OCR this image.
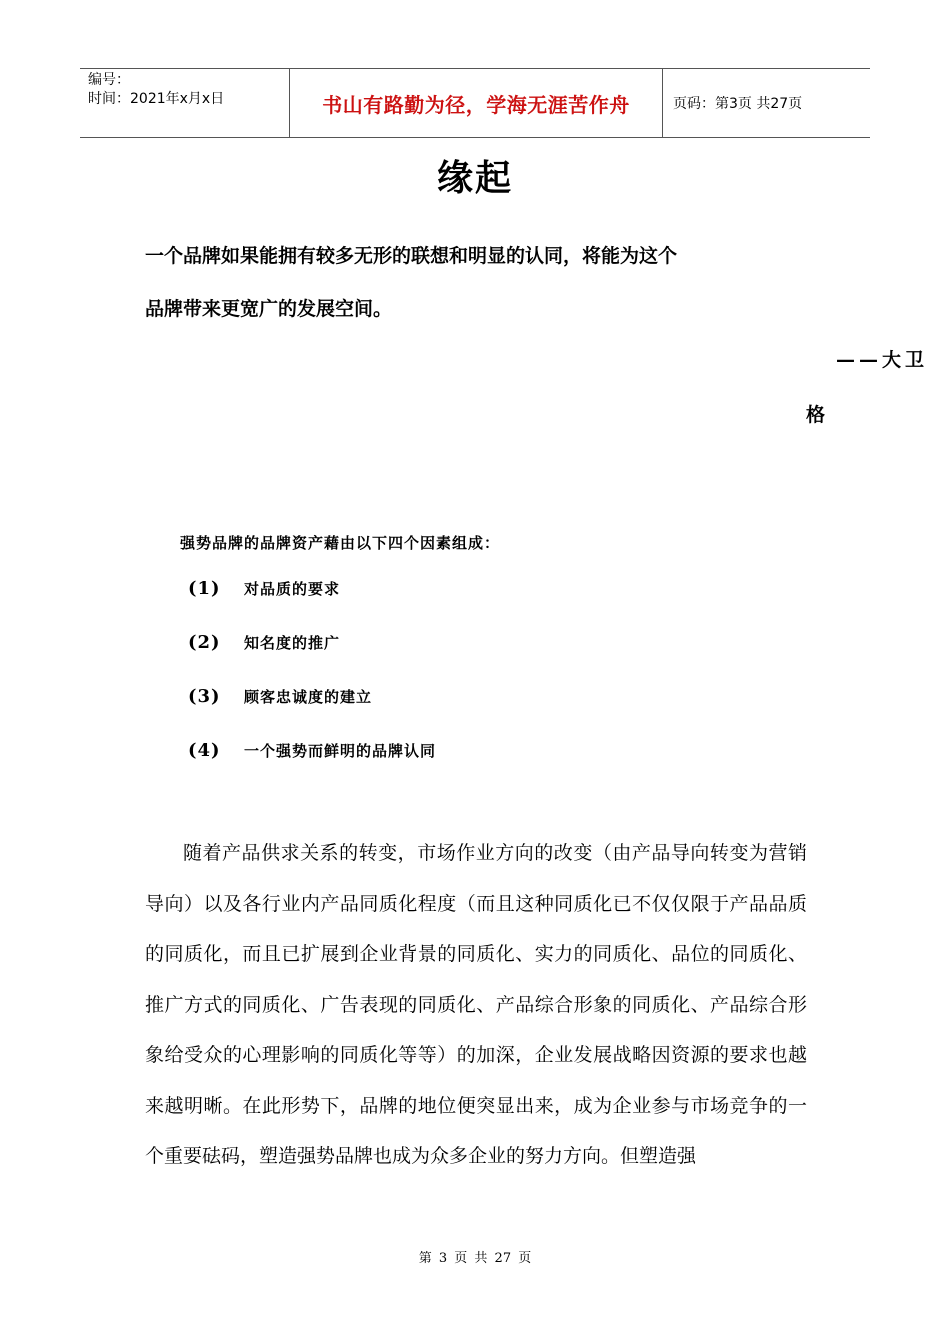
编号：
时间：2021年x月x日	书山有路勤为径，学海无涯苦作舟	页码：第3页 共27页
缘起
一个品牌如果能拥有较多无形的联想和明显的认同，将能为这个
品牌带来更宽广的发展空间。
——大卫
格
强势品牌的品牌资产藉由以下四个因素组成：
(1)	对品质的要求
(2)	知名度的推广
(3)	顾客忠诚度的建立
(4)	一个强势而鲜明的品牌认同
随着产品供求关系的转变，市场作业方向的改变（由产品导向转变为营销导向）以及各行业内产品同质化程度（而且这种同质化已不仅仅限于产品品质的同质化，而且已扩展到企业背景的同质化、实力的同质化、品位的同质化、推广方式的同质化、广告表现的同质化、产品综合形象的同质化、产品综合形象给受众的心理影响的同质化等等）的加深，企业发展战略因资源的要求也越来越明晰。在此形势下，品牌的地位便突显出来，成为企业参与市场竞争的一个重要砝码，塑造强势品牌也成为众多企业的努力方向。但塑造强
第 3 页 共 27 页
